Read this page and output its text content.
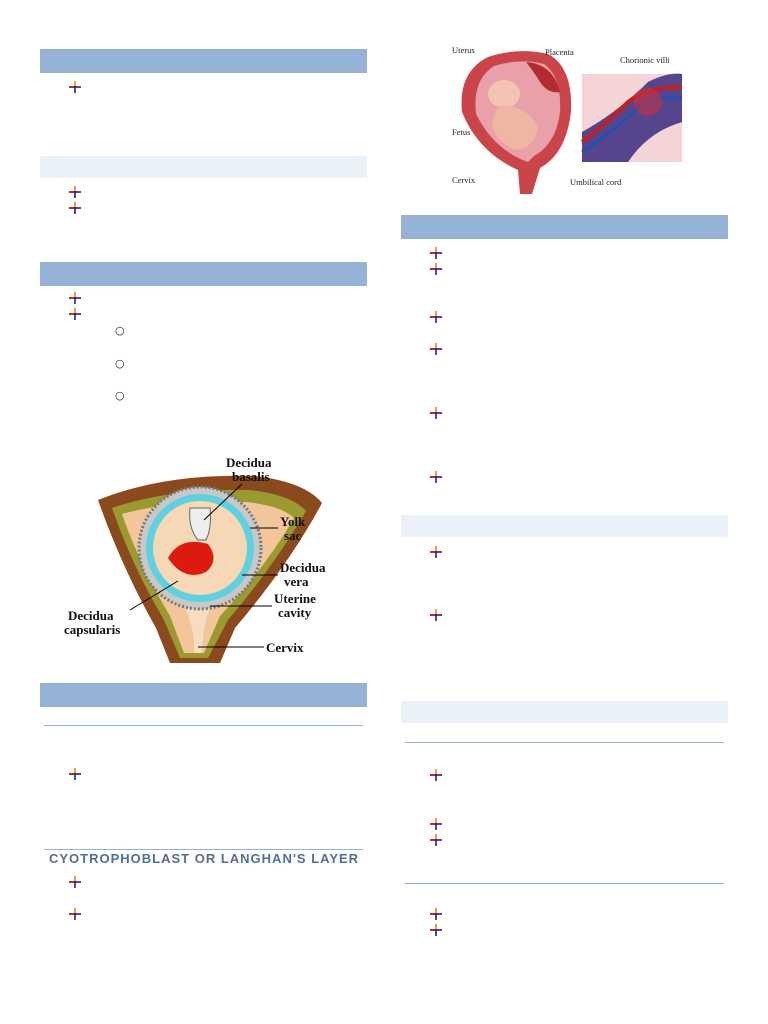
○
○
○
Decidua
basalis
Yolk
sac
Decidua
vera
Uterine
cavity
Decidua
capsularis
Cervix
CYOTROPHOBLAST OR LANGHAN'S LAYER
Uterus	Placenta
Chorionic villi
Fetus
Cervix	Umbilical cord
